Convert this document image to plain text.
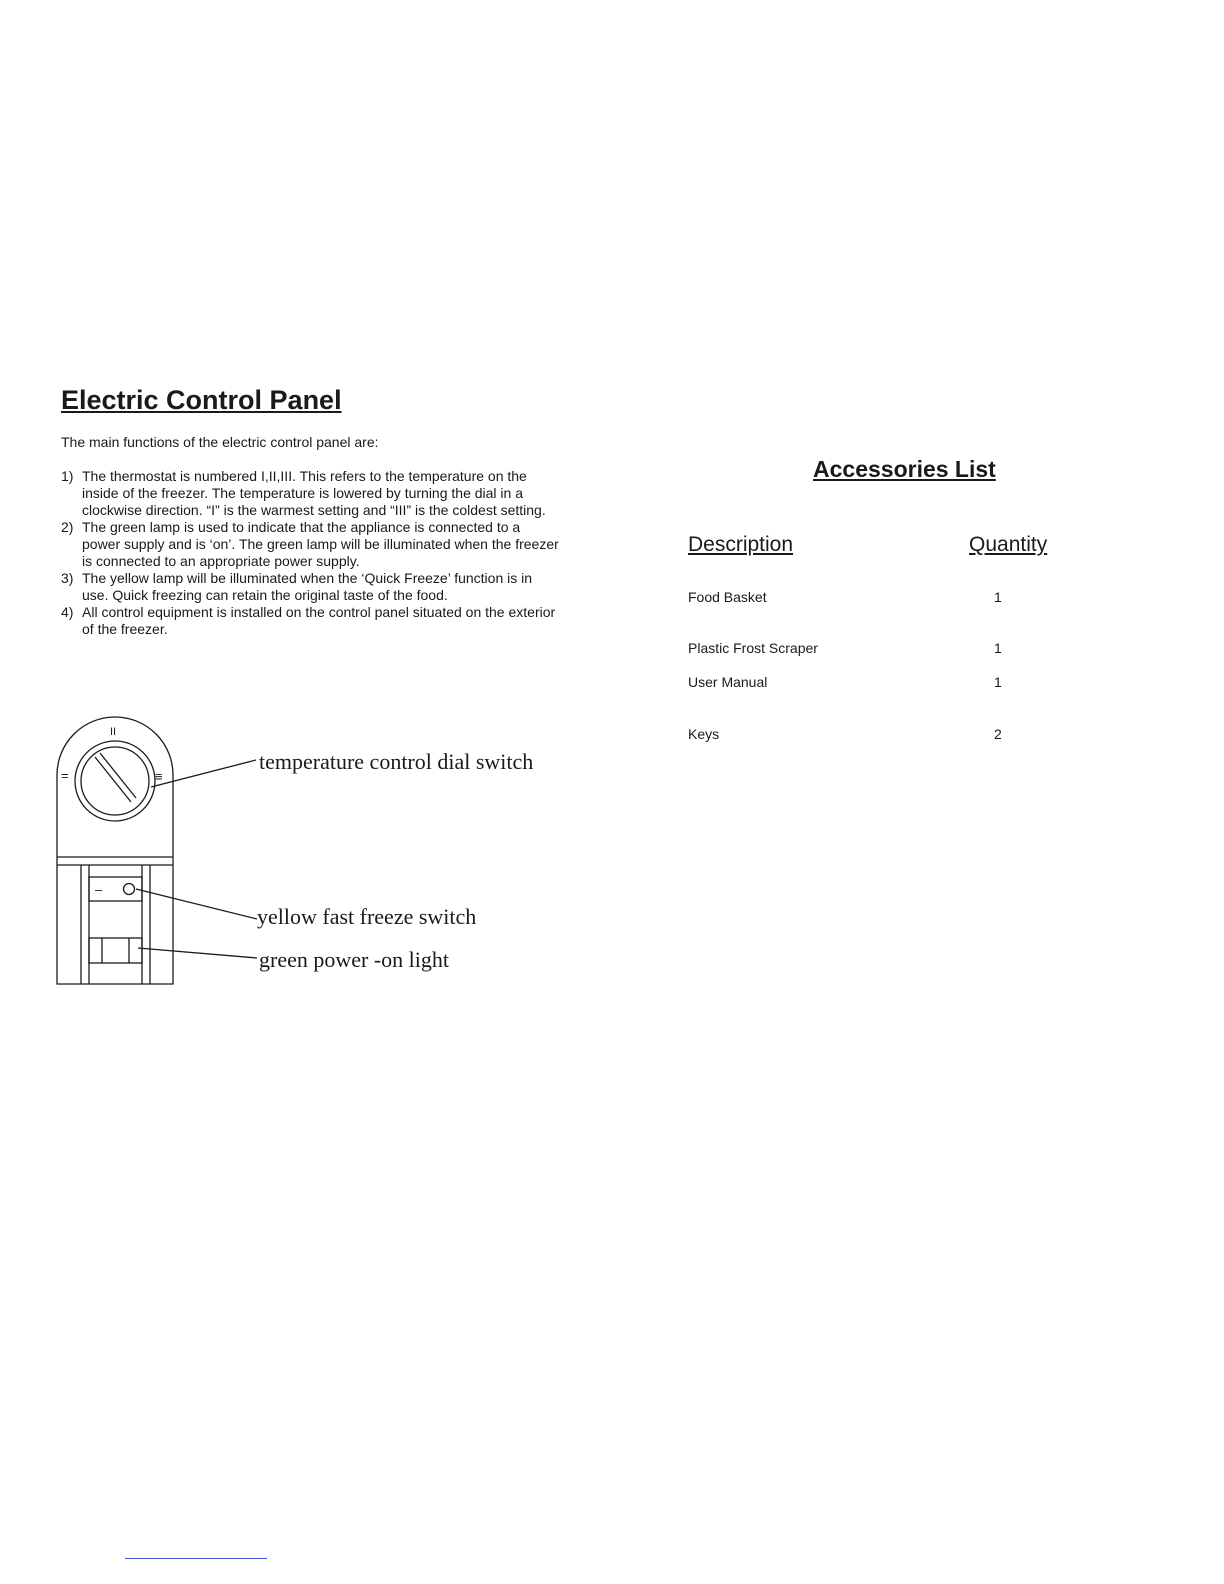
Electric Control Panel

The main functions of the electric control panel are:

1) The thermostat is numbered I,II,III. This refers to the temperature on the inside of the freezer. The temperature is lowered by turning the dial in a clockwise direction. “I” is the warmest setting and “III” is the coldest setting.
2) The green lamp is used to indicate that the appliance is connected to a power supply and is ‘on’. The green lamp will be illuminated when the freezer is connected to an appropriate power supply.
3) The yellow lamp will be illuminated when the ‘Quick Freeze’ function is in use. Quick freezing can retain the original taste of the food.
4) All control equipment is installed on the control panel situated on the exterior of the freezer.
II
=	≡
–
temperature control dial switch
yellow fast freeze switch
green power -on light
Accessories List

Description	Quantity

Food Basket	1
Plastic Frost Scraper	1
User Manual	1
Keys	2
